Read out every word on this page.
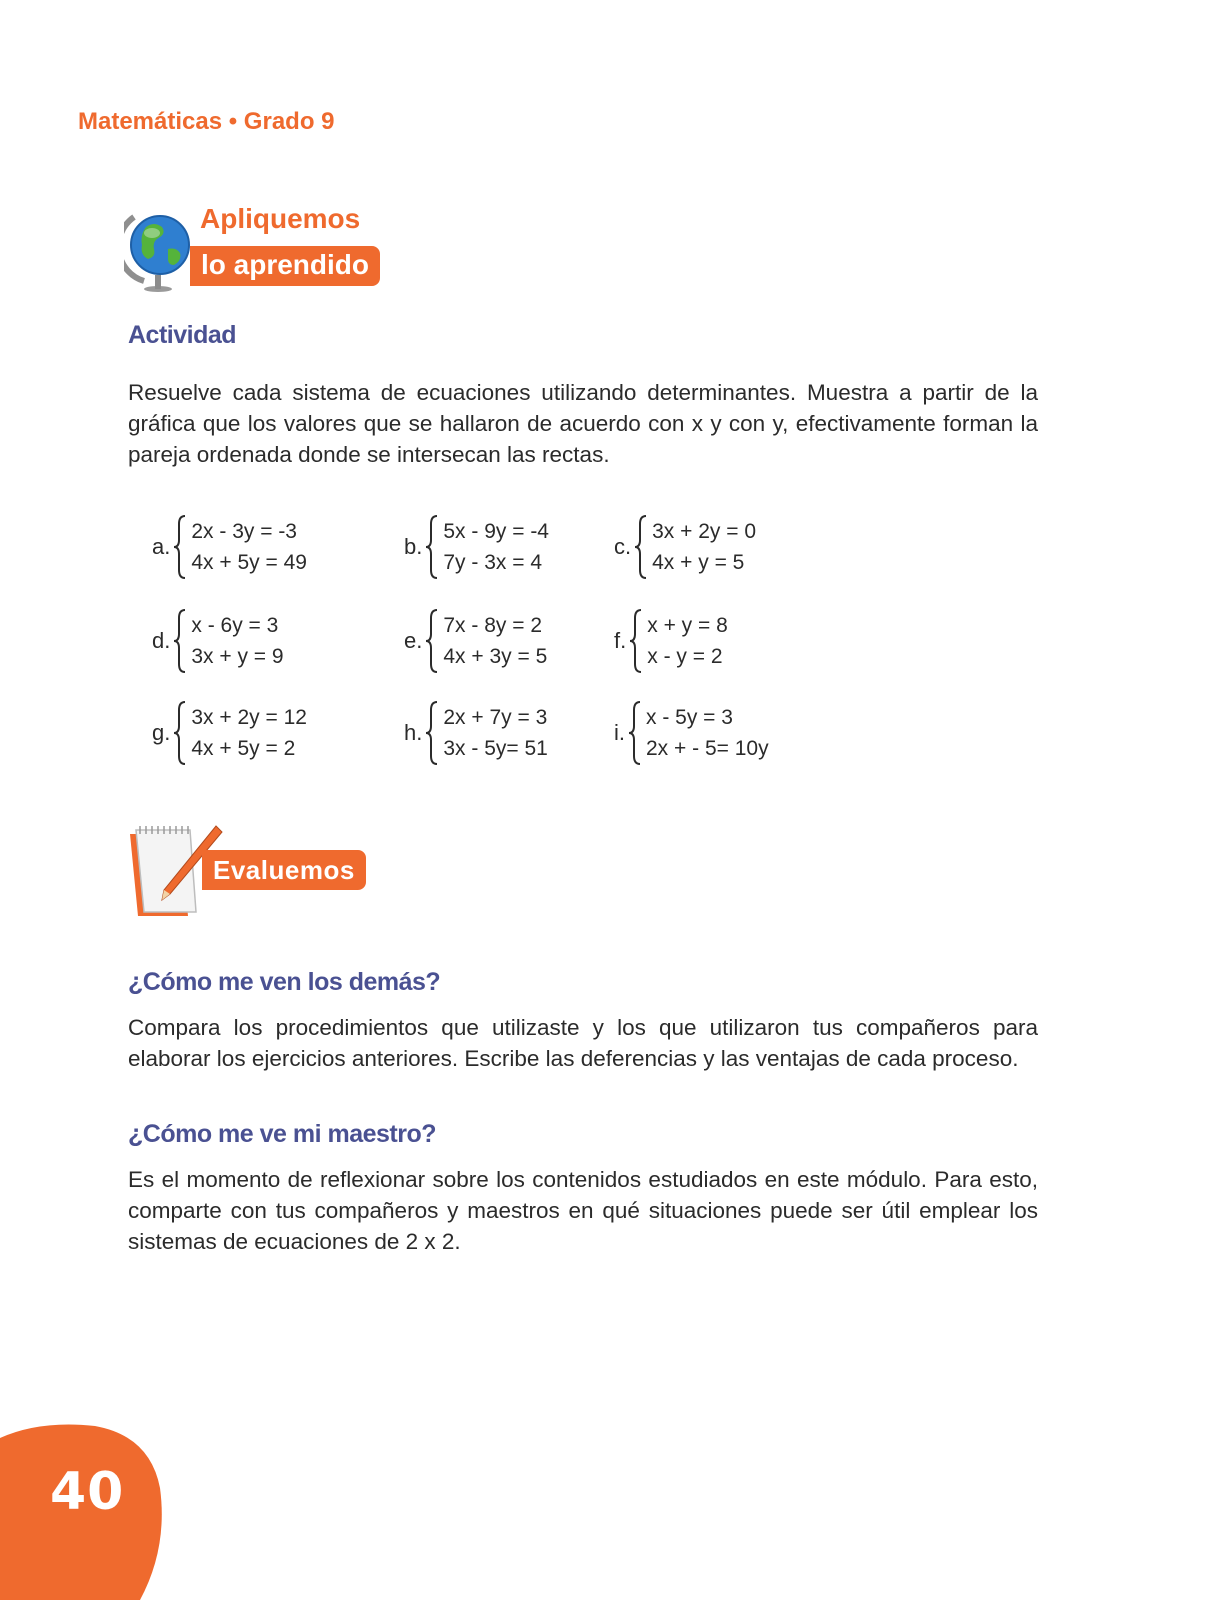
Matemáticas • Grado 9
Apliquemos
lo aprendido
Actividad
Resuelve cada sistema de ecuaciones utilizando determinantes. Muestra a partir de la gráfica que los valores que se hallaron de acuerdo con x y con y, efectivamente forman la pareja ordenada donde se intersecan las rectas.
a.
2x - 3y = -3
4x + 5y = 49
b.
5x - 9y = -4
7y - 3x = 4
c.
3x + 2y = 0
4x + y = 5
d.
x - 6y = 3
3x + y = 9
e.
7x - 8y = 2
4x + 3y = 5
f.
x + y = 8
x - y = 2
g.
3x + 2y = 12
4x + 5y = 2
h.
2x + 7y = 3
3x - 5y= 51
i.
x - 5y = 3
2x + - 5= 10y
Evaluemos
¿Cómo me ven los demás?
Compara los procedimientos que utilizaste y los que utilizaron tus compañeros para elaborar los ejercicios anteriores. Escribe las deferencias y las ventajas de cada proceso.
¿Cómo me ve mi maestro?
Es el momento de reflexionar sobre los contenidos estudiados en este módulo. Para esto, comparte con tus compañeros y maestros en qué situaciones puede ser útil emplear los sistemas de ecuaciones de 2 x 2.
40
